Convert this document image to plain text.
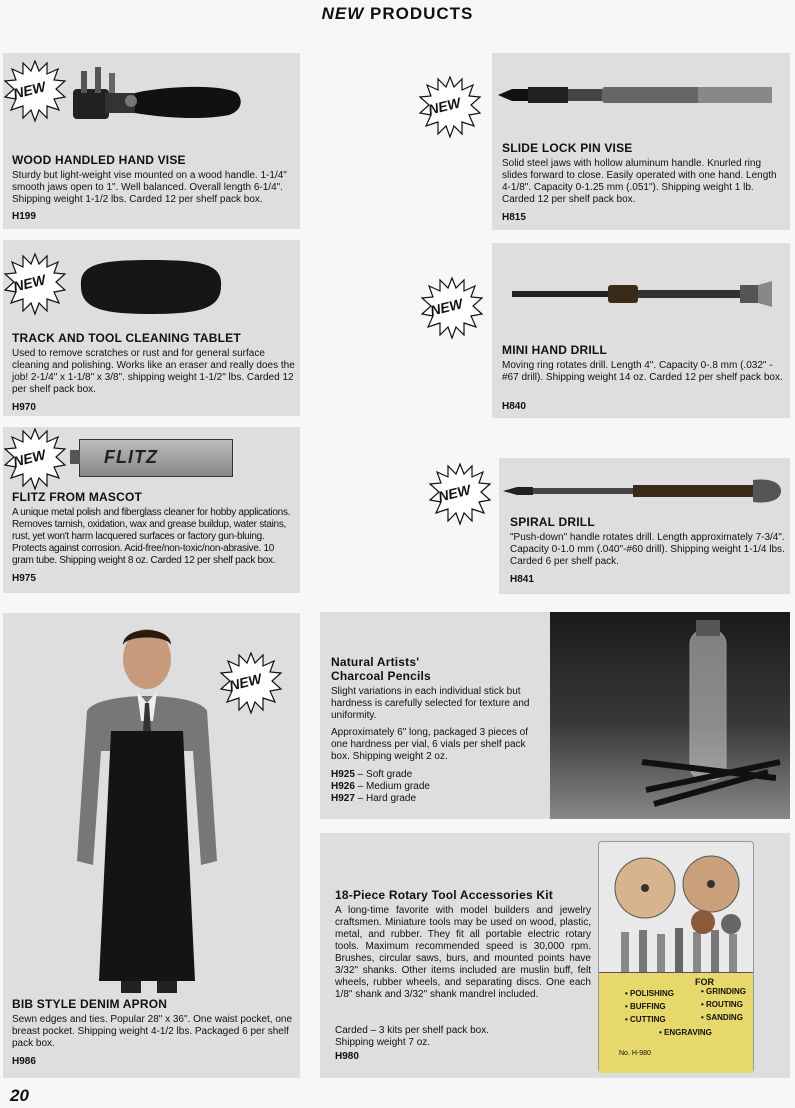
NEW PRODUCTS
NEW
WOOD HANDLED HAND VISE

Sturdy but light-weight vise mounted on a wood handle. 1-1/4" smooth jaws open to 1". Well balanced. Overall length 6-1/4". Shipping weight 1-1/2 lbs. Carded 12 per shelf pack box.

H199
NEW
TRACK AND TOOL CLEANING TABLET

Used to remove scratches or rust and for general surface cleaning and polishing. Works like an eraser and really does the job! 2-1/4" x 1-1/8" x 3/8". shipping weight 1-1/2" lbs. Carded 12 per shelf pack box.

H970
NEW	FLITZ
FLITZ FROM MASCOT

A unique metal polish and fiberglass cleaner for hobby applications. Removes tarnish, oxidation, wax and grease buildup, water stains, rust, yet won't harm lacquered surfaces or factory gun-bluing. Protects against corrosion. Acid-free/non-toxic/non-abrasive. 10 gram tube. Shipping weight 8 oz. Carded 12 per shelf pack box.

H975
NEW
BIB STYLE DENIM APRON

Sewn edges and ties. Popular 28" x 36". One waist pocket, one breast pocket. Shipping weight 4-1/2 lbs. Packaged 6 per shelf pack box.

H986
SLIDE LOCK PIN VISE

Solid steel jaws with hollow aluminum handle. Knurled ring slides forward to close. Easily operated with one hand. Length 4-1/8". Capacity 0-1.25 mm (.051"). Shipping weight 1 lb. Carded 12 per shelf pack box.

H815
NEW
MINI HAND DRILL

Moving ring rotates drill. Length 4". Capacity 0-.8 mm (.032" - #67 drill). Shipping weight 14 oz. Carded 12 per shelf pack box.

H840
NEW
SPIRAL DRILL

"Push-down" handle rotates drill. Length approximately 7-3/4". Capacity 0-1.0 mm (.040"-#60 drill). Shipping weight 1-1/4 lbs. Carded 6 per shelf pack.

H841
NEW
Natural Artists'
Charcoal Pencils

Slight variations in each individual stick but hardness is carefully selected for texture and uniformity.

Approximately 6" long, packaged 3 pieces of one hardness per vial, 6 vials per shelf pack box. Shipping weight 2 oz.

H925 – Soft grade
H926 – Medium grade
H927 – Hard grade
18-Piece Rotary Tool Accessories Kit

A long-time favorite with model builders and jewelry craftsmen. Miniature tools may be used on wood, plastic, metal, and rubber. They fit all portable electric rotary tools. Maximum recommended speed is 30,000 rpm. Brushes, circular saws, burs, and mounted points have 3/32" shanks. Other items included are muslin buff, felt wheels, rubber wheels, and separating discs. One each 1/8" shank and 3/32" shank mandrel included.

Carded – 3 kits per shelf pack box.

Shipping weight 7 oz.

H980
FOR
• POLISHING	• GRINDING
• BUFFING	• ROUTING
• CUTTING	• SANDING
• ENGRAVING
No. H-980
20
